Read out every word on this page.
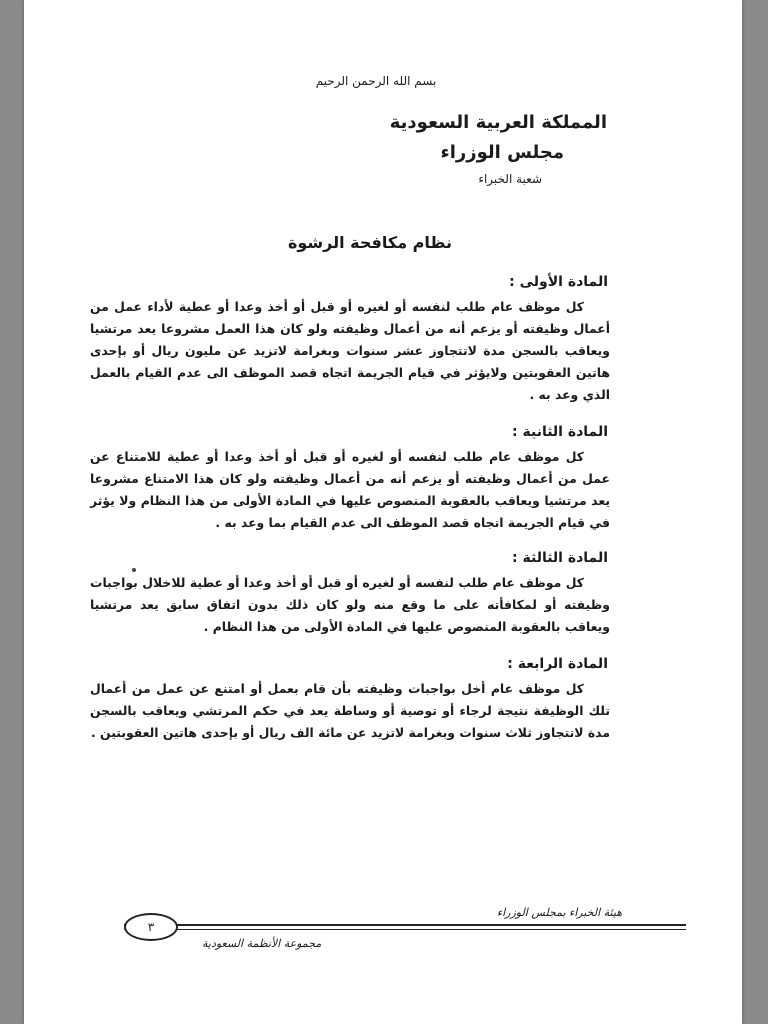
بسم الله الرحمن الرحيم
المملكة العربية السعودية
مجلس الوزراء
شعبة الخبراء
نظام مكافحة الرشوة
المادة الأولى :

كل موظف عام طلب لنفسه أو لغيره أو قبل أو أخذ وعدا أو عطية لأداء عمل من أعمال وظيفته أو يزعم أنه من أعمال وظيفته ولو كان هذا العمل مشروعا يعد مرتشيا ويعاقب بالسجن مدة لاتتجاوز عشر سنوات وبغرامة لاتزيد عن مليون ريال أو بإحدى هاتين العقوبتين ولايؤثر في قيام الجريمة اتجاه قصد الموظف الى عدم القيام بالعمل الذي وعد به .

المادة الثانية :

كل موظف عام طلب لنفسه أو لغيره أو قبل أو أخذ وعدا أو عطية للامتناع عن عمل من أعمال وظيفته أو يزعم أنه من أعمال وظيفته ولو كان هذا الامتناع مشروعا يعد مرتشيا ويعاقب بالعقوبة المنصوص عليها في المادة الأولى من هذا النظام ولا يؤثر في قيام الجريمة اتجاه قصد الموظف الى عدم القيام بما وعد به .

المادة الثالثة :

كل موظف عام طلب لنفسه أو لغيره أو قبل أو أخذ وعدا أو عطية للاخلال بواجبات وظيفته أو لمكافأته على ما وقع منه ولو كان ذلك بدون اتفاق سابق يعد مرتشيا ويعاقب بالعقوبة المنصوص عليها في المادة الأولى من هذا النظام .

المادة الرابعة :

كل موظف عام أخل بواجبات وظيفته بأن قام بعمل أو امتنع عن عمل من أعمال تلك الوظيفة نتيجة لرجاء أو توصية أو وساطة يعد في حكم المرتشي ويعاقب بالسجن مدة لاتتجاوز ثلاث سنوات وبغرامة لاتزيد عن مائة الف ريال أو بإحدى هاتين العقوبتين .

هيئة الخبراء بمجلس الوزراء
٣
مجموعة الأنظمة السعودية
